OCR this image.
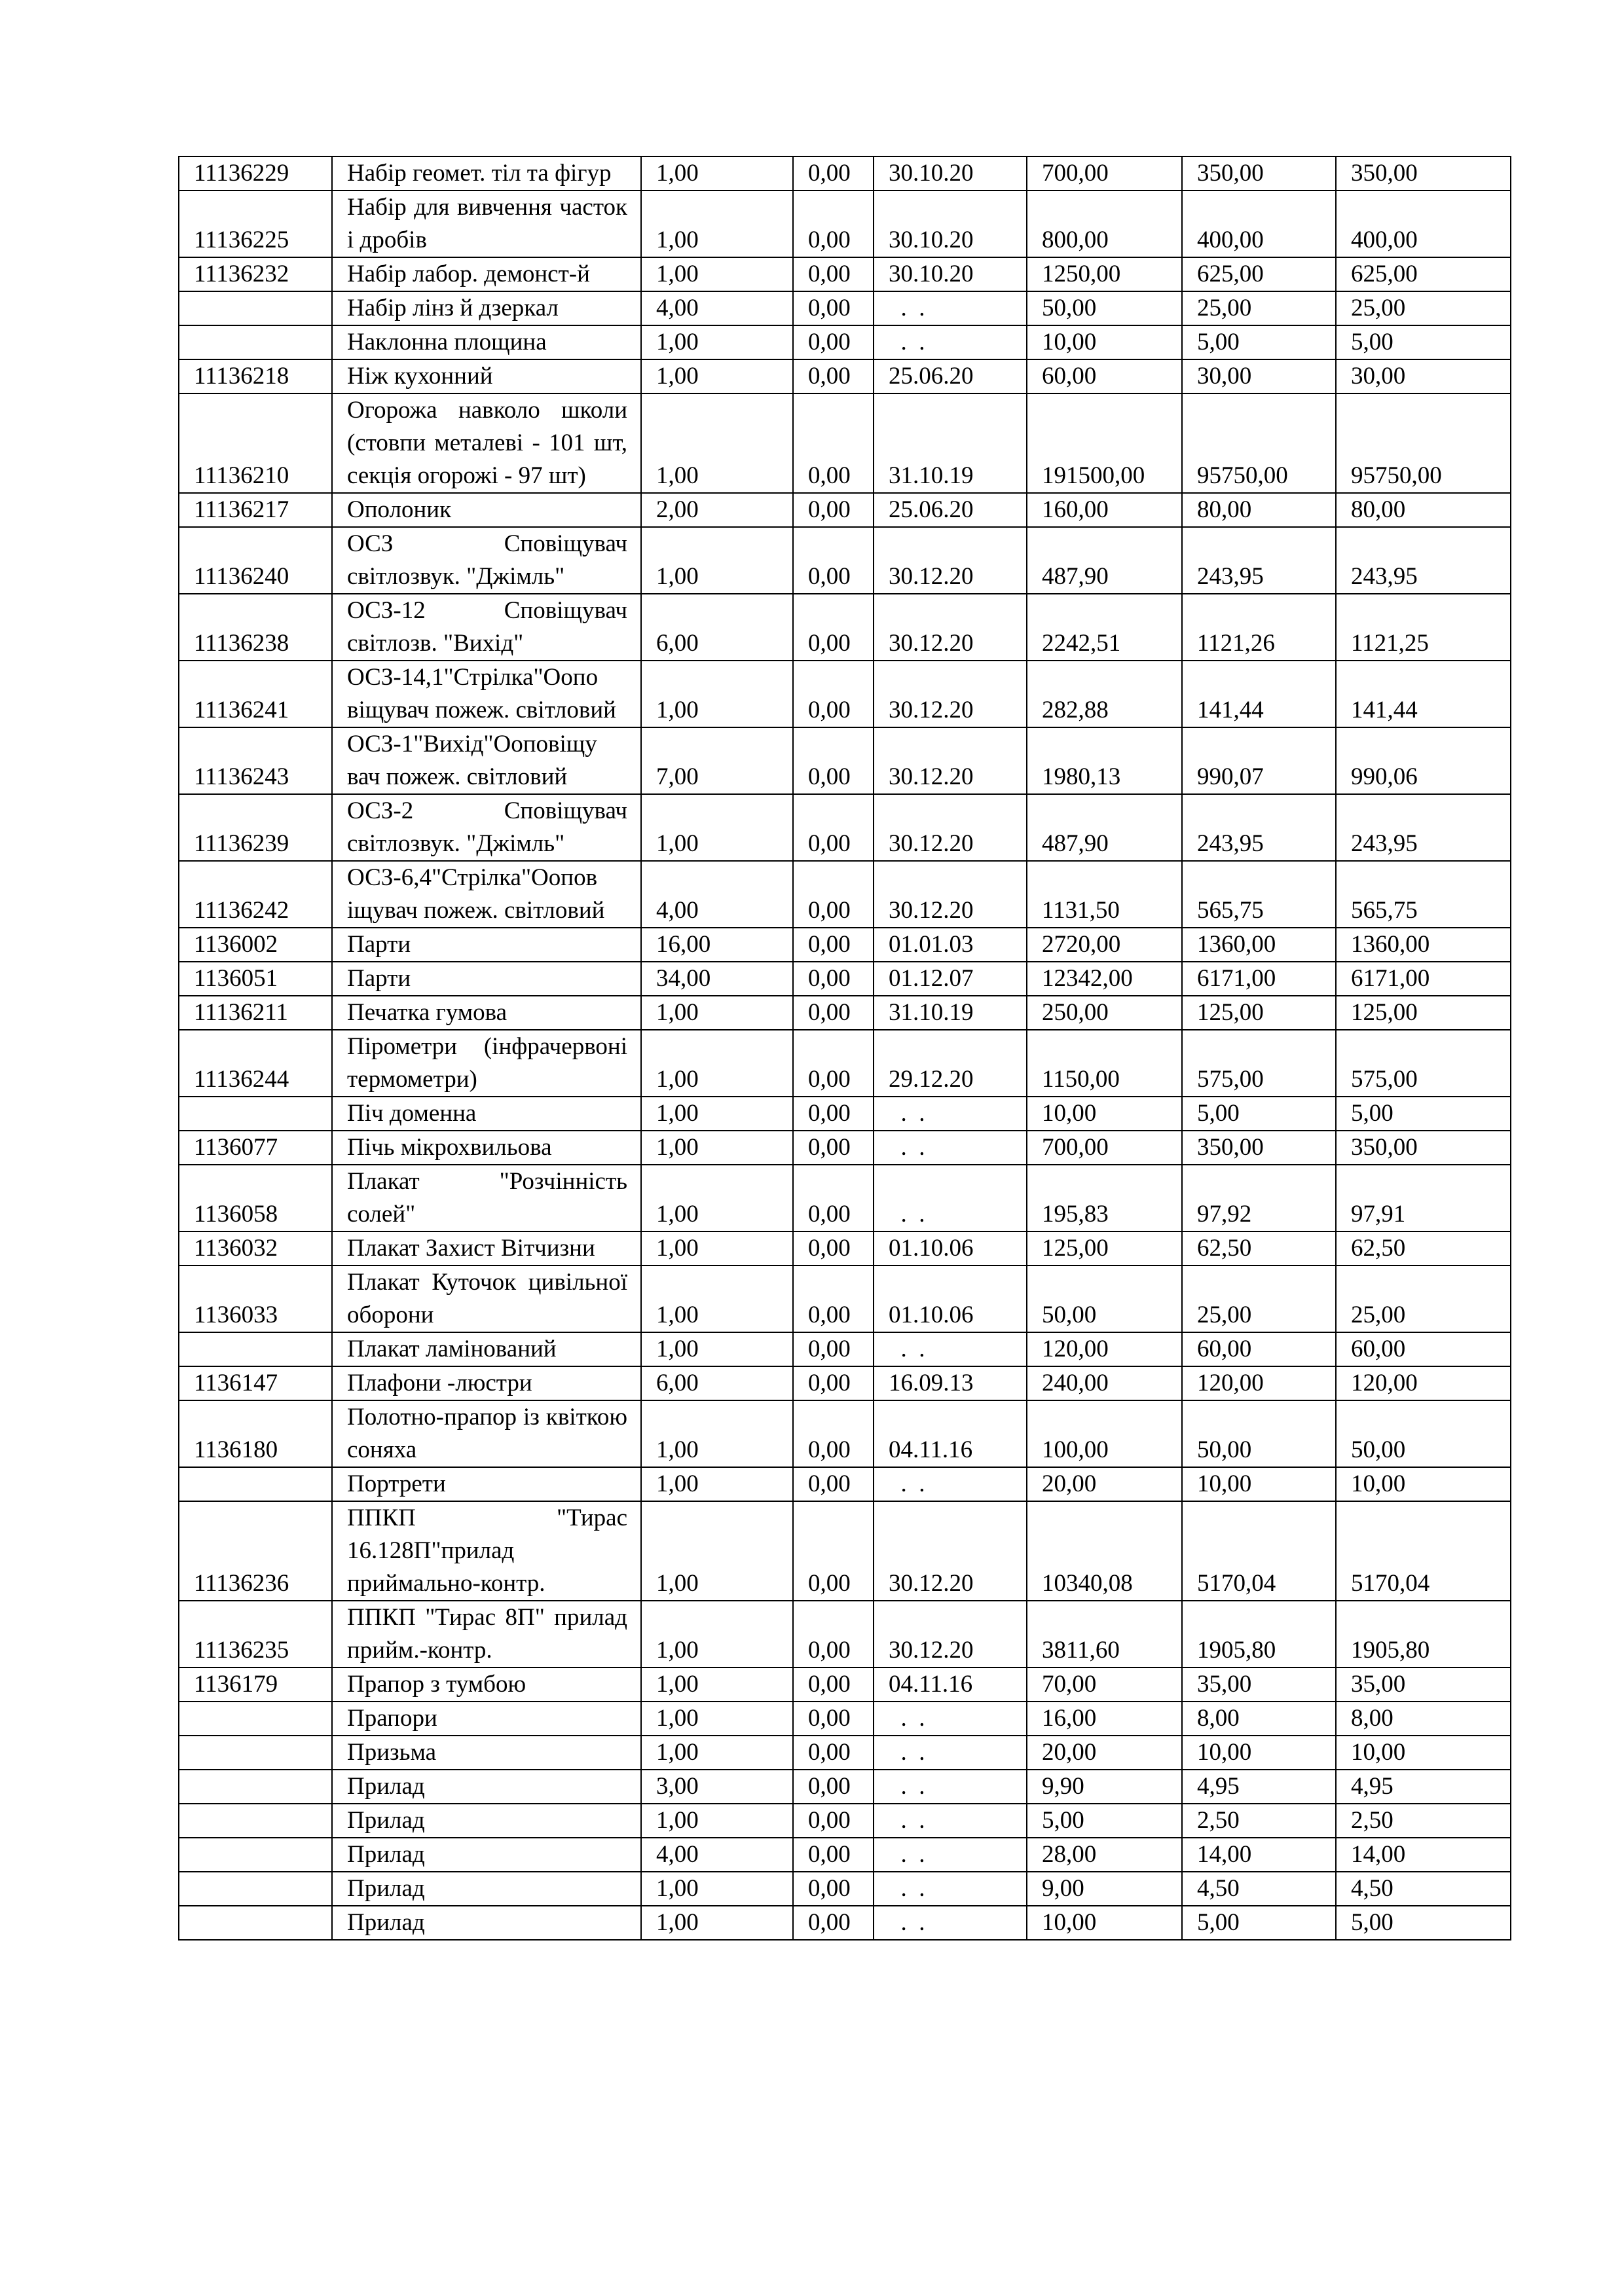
11136229	Набір геомет. тіл та фігур	1,00	0,00	30.10.20	700,00	350,00	350,00
11136225	Набір для вивчення часток і дробів	1,00	0,00	30.10.20	800,00	400,00	400,00
11136232	Набір лабор. демонст-й	1,00	0,00	30.10.20	1250,00	625,00	625,00
	Набір лінз й дзеркал	4,00	0,00	.  .	50,00	25,00	25,00
	Наклонна площина	1,00	0,00	.  .	10,00	5,00	5,00
11136218	Ніж кухонний	1,00	0,00	25.06.20	60,00	30,00	30,00
11136210	Огорожа навколо школи (стовпи металеві - 101 шт, секція огорожі - 97 шт)	1,00	0,00	31.10.19	191500,00	95750,00	95750,00
11136217	Ополоник	2,00	0,00	25.06.20	160,00	80,00	80,00
11136240	ОСЗ Сповіщувач світлозвук. "Джімль"	1,00	0,00	30.12.20	487,90	243,95	243,95
11136238	ОСЗ-12 Сповіщувач світлозв. "Вихід"	6,00	0,00	30.12.20	2242,51	1121,26	1121,25
11136241	ОСЗ-14,1"Стрілка"Оопо віщувач пожеж. світловий	1,00	0,00	30.12.20	282,88	141,44	141,44
11136243	ОСЗ-1"Вихід"Ооповіщу вач пожеж. світловий	7,00	0,00	30.12.20	1980,13	990,07	990,06
11136239	ОСЗ-2 Сповіщувач світлозвук. "Джімль"	1,00	0,00	30.12.20	487,90	243,95	243,95
11136242	ОСЗ-6,4"Стрілка"Оопов іщувач пожеж. світловий	4,00	0,00	30.12.20	1131,50	565,75	565,75
1136002	Парти	16,00	0,00	01.01.03	2720,00	1360,00	1360,00
1136051	Парти	34,00	0,00	01.12.07	12342,00	6171,00	6171,00
11136211	Печатка гумова	1,00	0,00	31.10.19	250,00	125,00	125,00
11136244	Пірометри (інфрачервоні термометри)	1,00	0,00	29.12.20	1150,00	575,00	575,00
	Піч доменна	1,00	0,00	.  .	10,00	5,00	5,00
1136077	Пічь мікрохвильова	1,00	0,00	.  .	700,00	350,00	350,00
1136058	Плакат "Розчінність солей"	1,00	0,00	.  .	195,83	97,92	97,91
1136032	Плакат Захист Вітчизни	1,00	0,00	01.10.06	125,00	62,50	62,50
1136033	Плакат Куточок цивільної оборони	1,00	0,00	01.10.06	50,00	25,00	25,00
	Плакат ламінований	1,00	0,00	.  .	120,00	60,00	60,00
1136147	Плафони -люстри	6,00	0,00	16.09.13	240,00	120,00	120,00
1136180	Полотно-прапор із квіткою соняха	1,00	0,00	04.11.16	100,00	50,00	50,00
	Портрети	1,00	0,00	.  .	20,00	10,00	10,00
11136236	ППКП "Тирас 16.128П"прилад приймально-контр.	1,00	0,00	30.12.20	10340,08	5170,04	5170,04
11136235	ППКП "Тирас 8П" прилад прийм.-контр.	1,00	0,00	30.12.20	3811,60	1905,80	1905,80
1136179	Прапор з тумбою	1,00	0,00	04.11.16	70,00	35,00	35,00
	Прапори	1,00	0,00	.  .	16,00	8,00	8,00
	Призьма	1,00	0,00	.  .	20,00	10,00	10,00
	Прилад	3,00	0,00	.  .	9,90	4,95	4,95
	Прилад	1,00	0,00	.  .	5,00	2,50	2,50
	Прилад	4,00	0,00	.  .	28,00	14,00	14,00
	Прилад	1,00	0,00	.  .	9,00	4,50	4,50
	Прилад	1,00	0,00	.  .	10,00	5,00	5,00
